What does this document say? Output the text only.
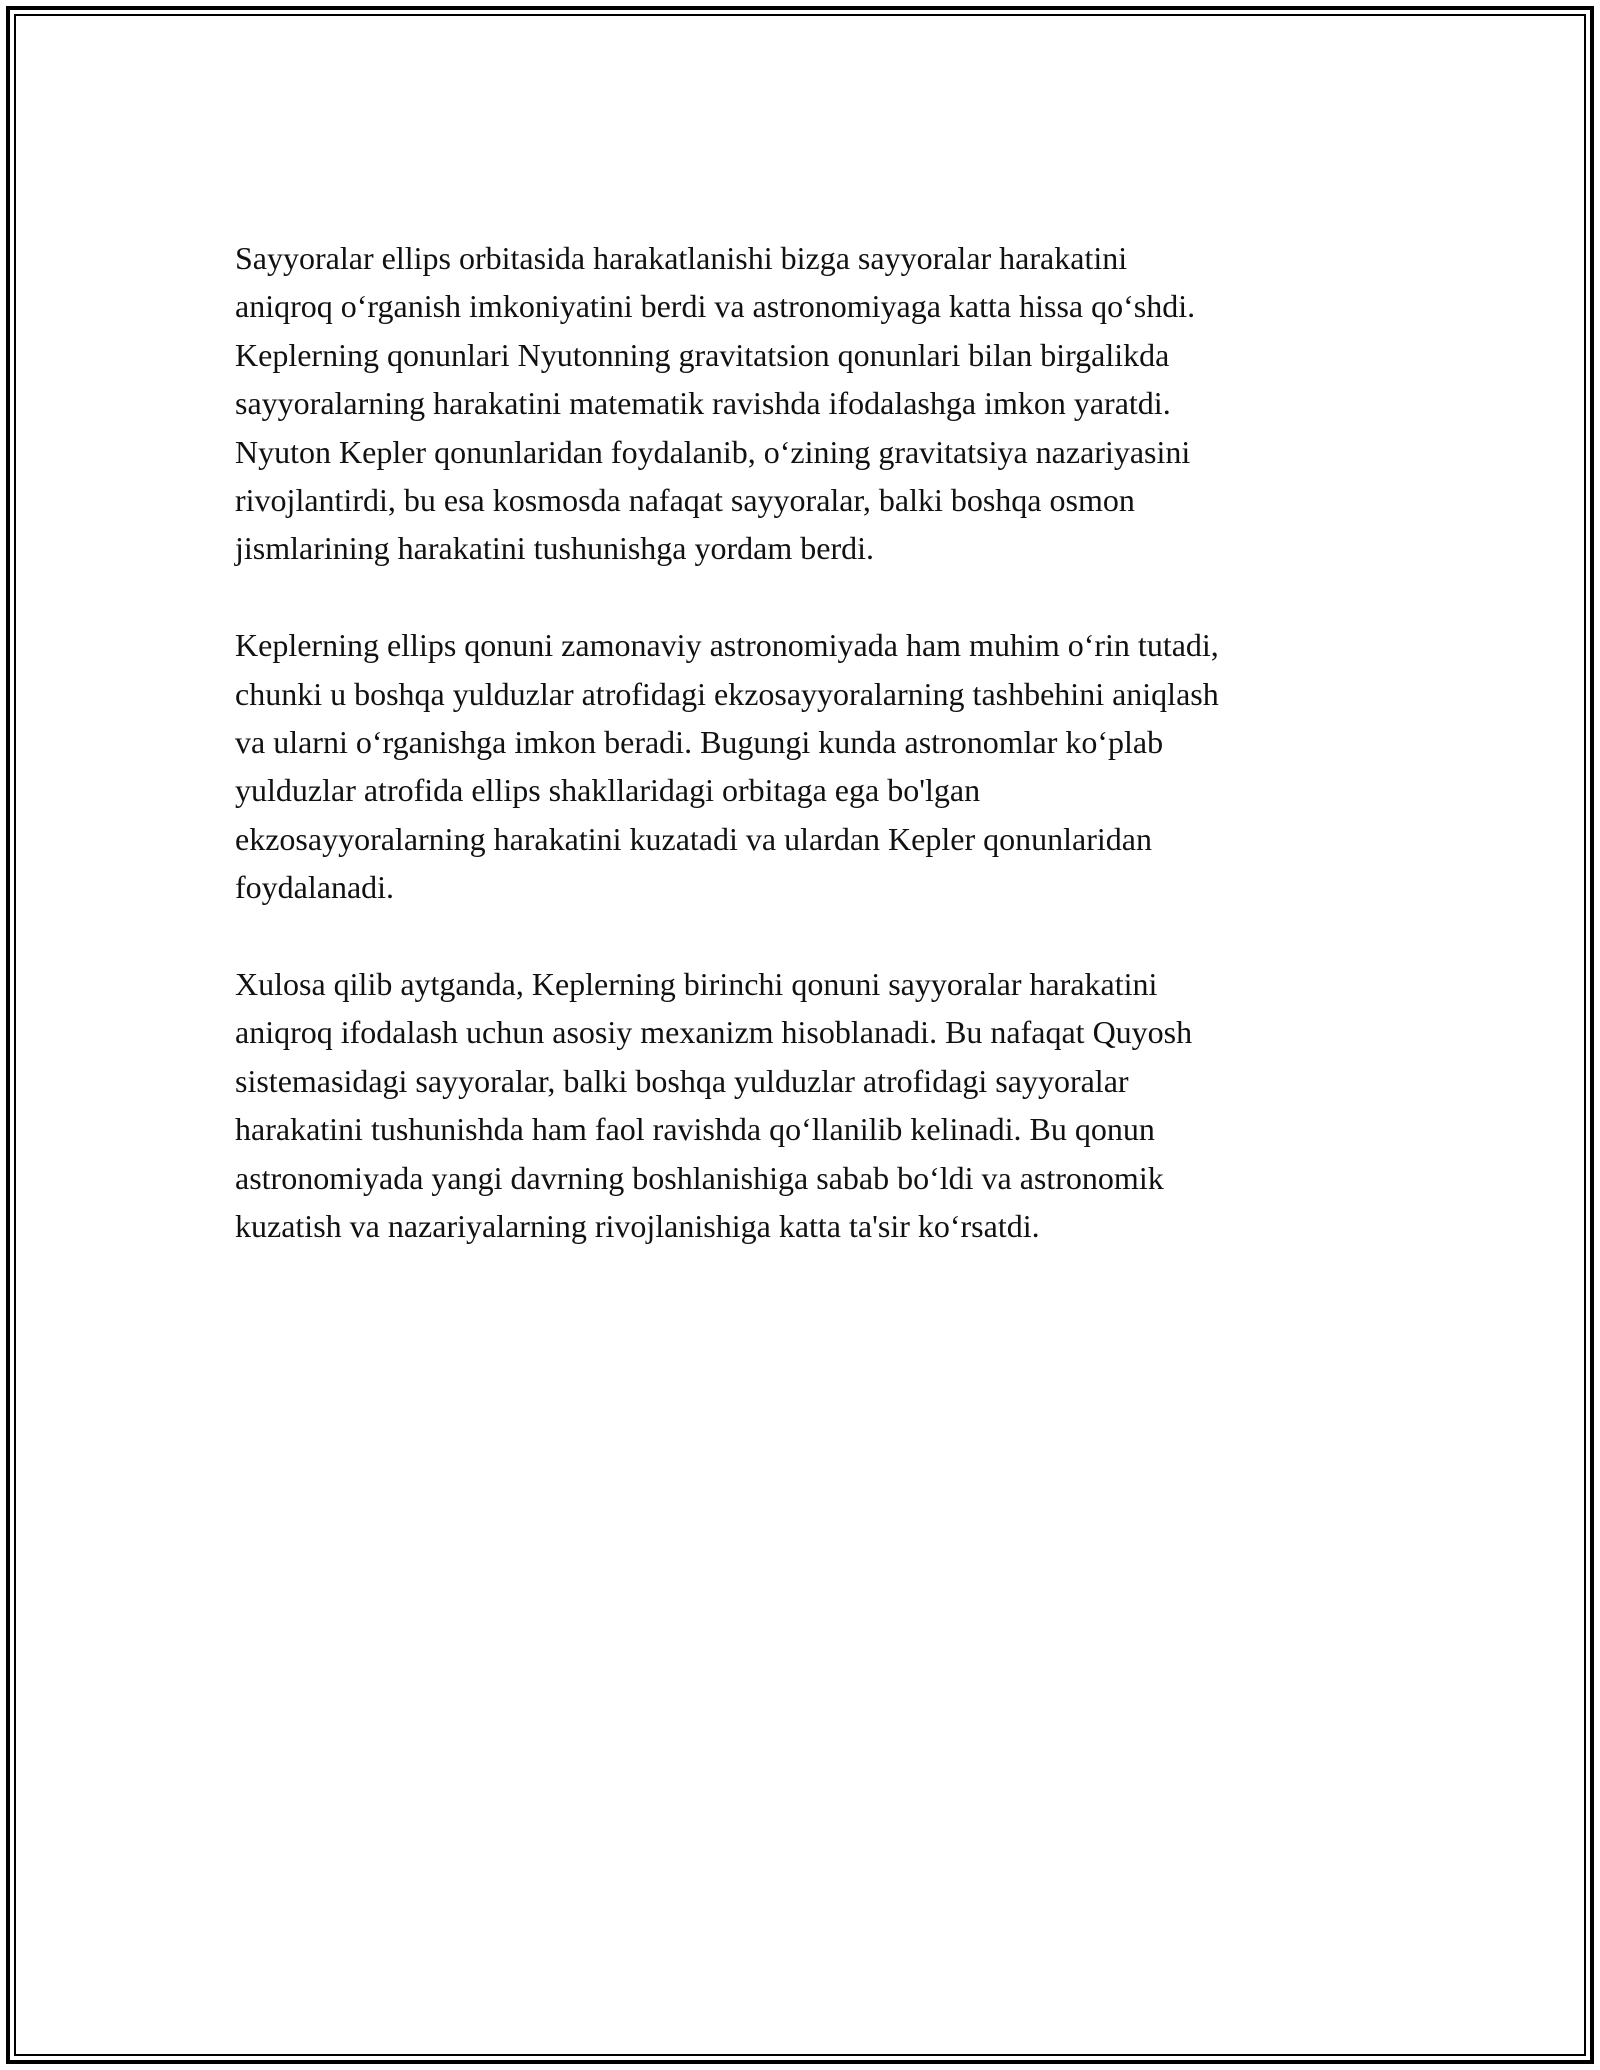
Sayyoralar ellips orbitasida harakatlanishi bizga sayyoralar harakatini
aniqroq o‘rganish imkoniyatini berdi va astronomiyaga katta hissa qo‘shdi.
Keplerning qonunlari Nyutonning gravitatsion qonunlari bilan birgalikda
sayyoralarning harakatini matematik ravishda ifodalashga imkon yaratdi.
Nyuton Kepler qonunlaridan foydalanib, o‘zining gravitatsiya nazariyasini
rivojlantirdi, bu esa kosmosda nafaqat sayyoralar, balki boshqa osmon
jismlarining harakatini tushunishga yordam berdi.

Keplerning ellips qonuni zamonaviy astronomiyada ham muhim o‘rin tutadi,
chunki u boshqa yulduzlar atrofidagi ekzosayyoralarning tashbehini aniqlash
va ularni o‘rganishga imkon beradi. Bugungi kunda astronomlar ko‘plab
yulduzlar atrofida ellips shakllaridagi orbitaga ega bo'lgan
ekzosayyoralarning harakatini kuzatadi va ulardan Kepler qonunlaridan
foydalanadi.

Xulosa qilib aytganda, Keplerning birinchi qonuni sayyoralar harakatini
aniqroq ifodalash uchun asosiy mexanizm hisoblanadi. Bu nafaqat Quyosh
sistemasidagi sayyoralar, balki boshqa yulduzlar atrofidagi sayyoralar
harakatini tushunishda ham faol ravishda qo‘llanilib kelinadi. Bu qonun
astronomiyada yangi davrning boshlanishiga sabab bo‘ldi va astronomik
kuzatish va nazariyalarning rivojlanishiga katta ta'sir ko‘rsatdi.
